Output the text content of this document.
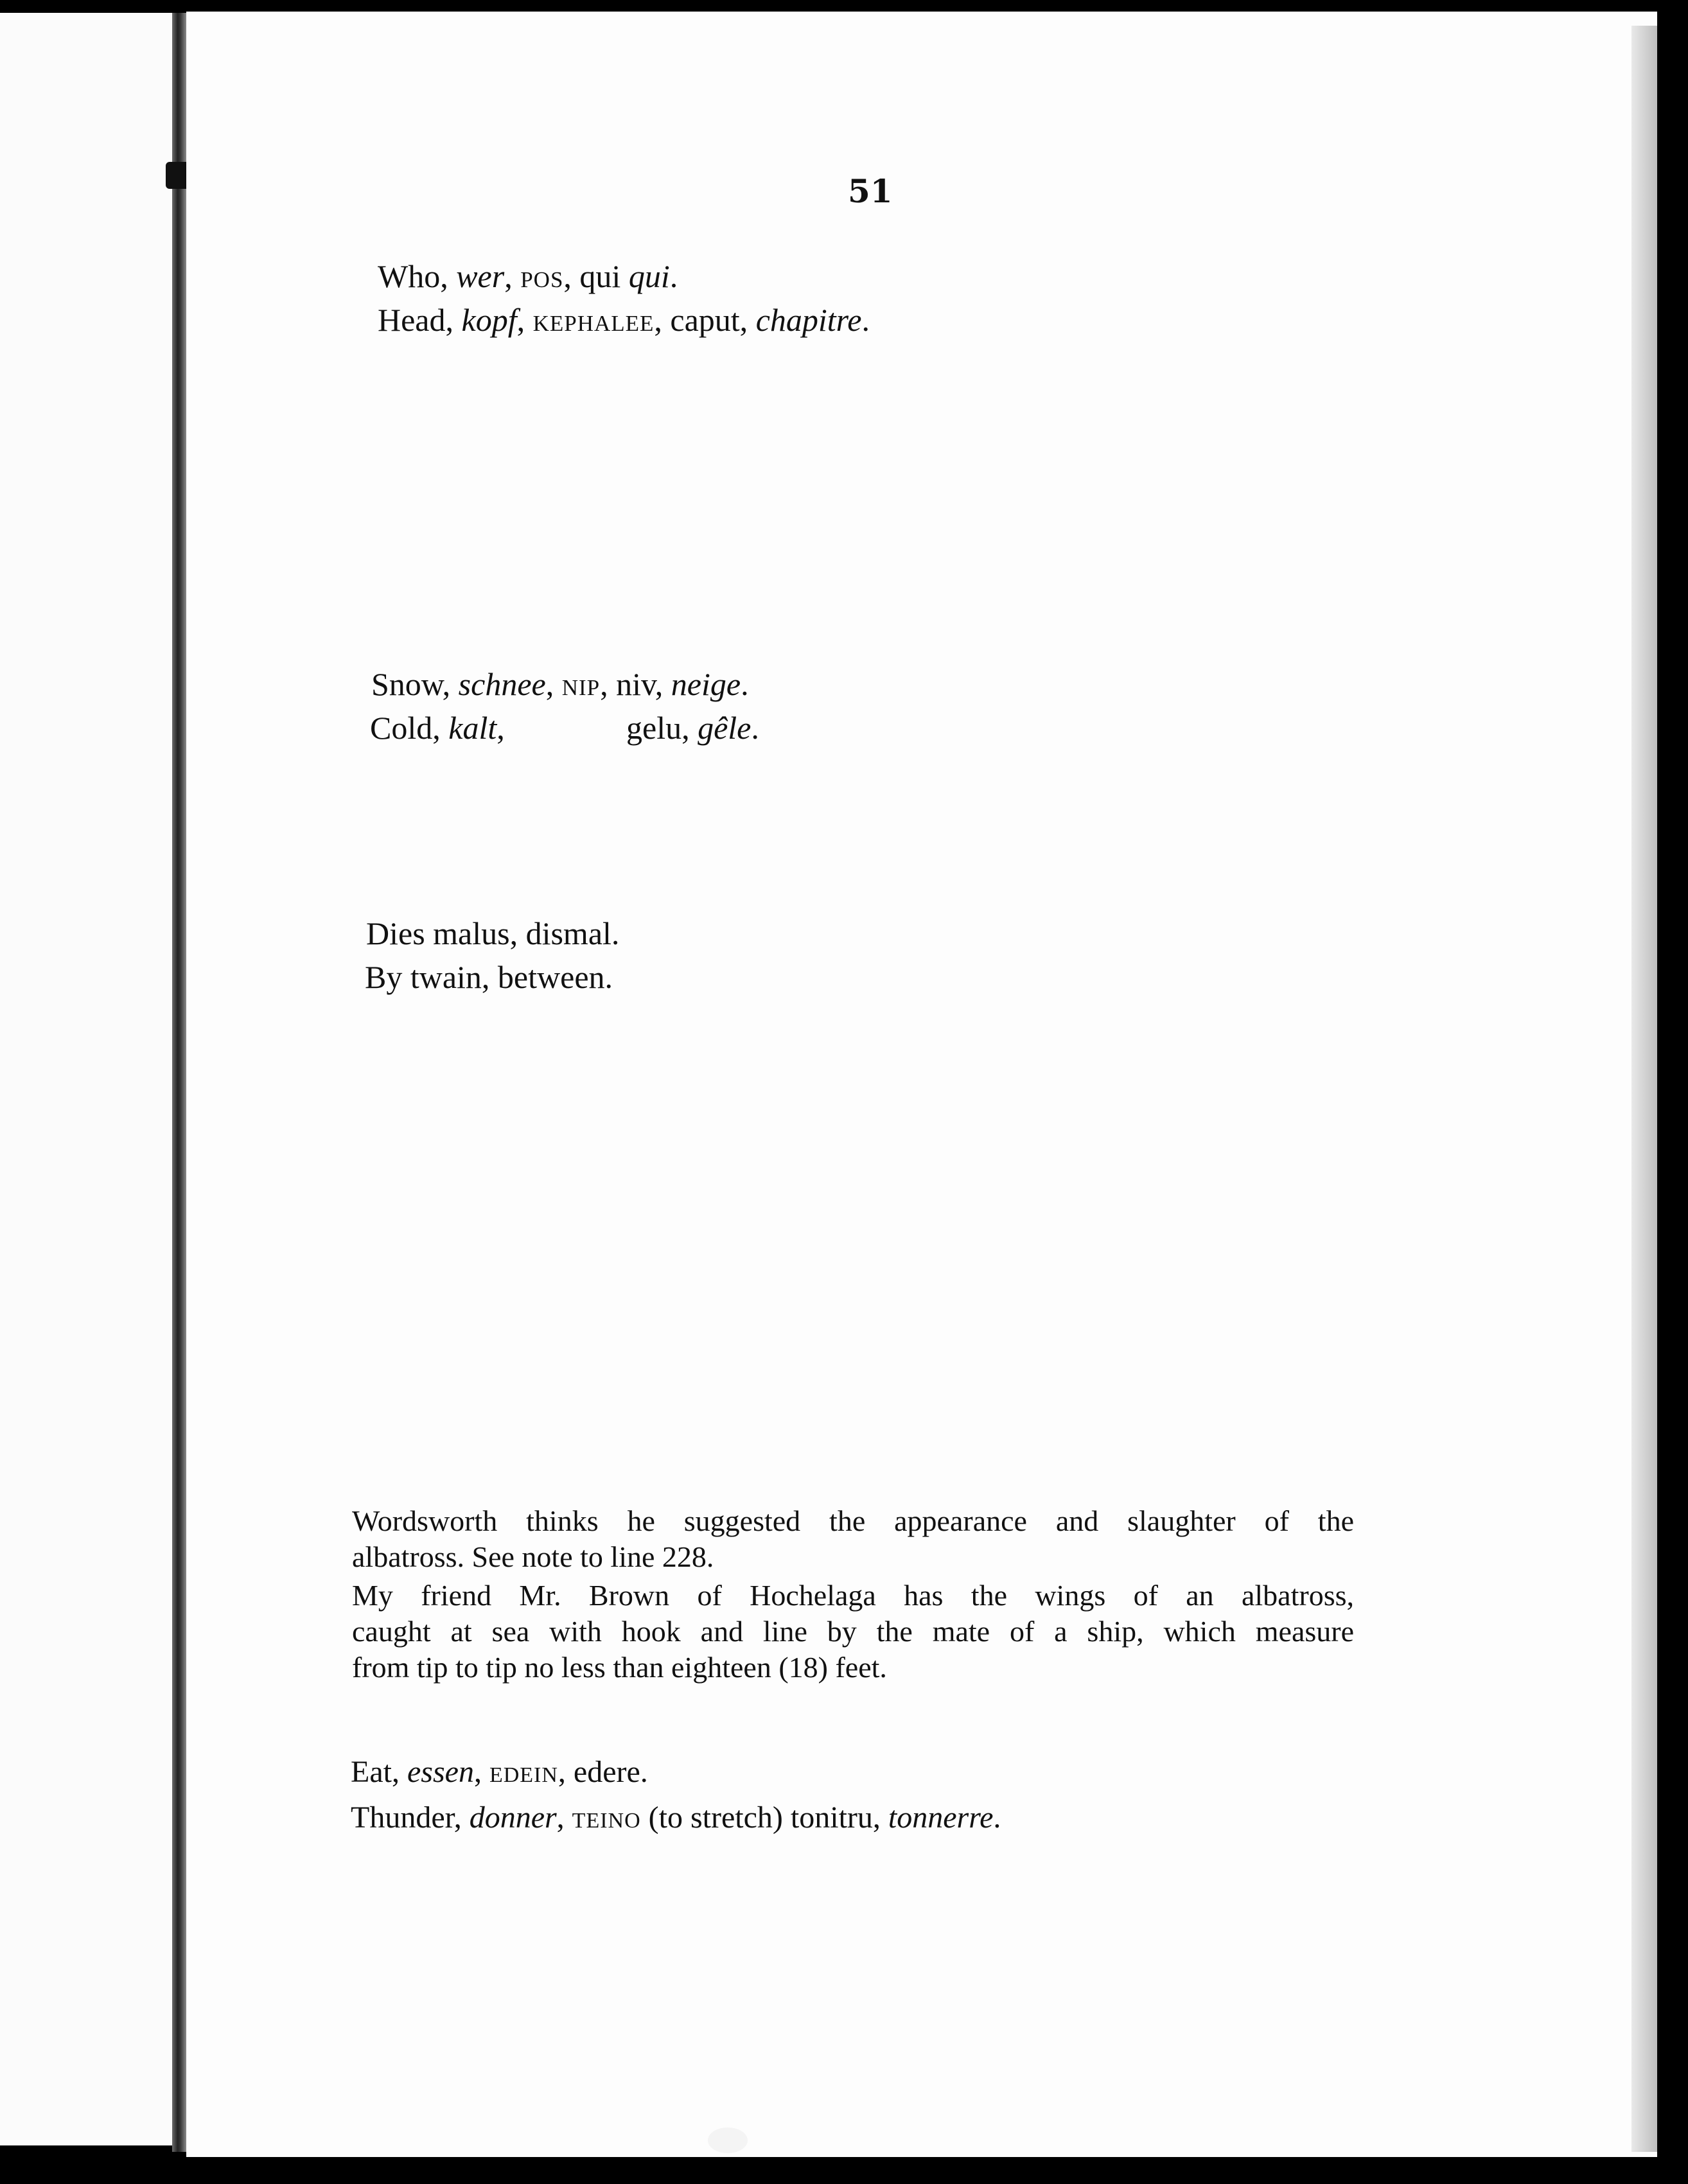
51
Who, wer, pos, qui qui.
Head, kopf, kephalee, caput, chapitre.
Snow, schnee, nip, niv, neige.
Cold, kalt,	gelu, gêle.
Dies malus, dismal.
By twain, between.
Wordsworth thinks he suggested the appearance and slaughter of the
albatross. See note to line 228.
My friend Mr. Brown of Hochelaga has the wings of an albatross,
caught at sea with hook and line by the mate of a ship, which measure
from tip to tip no less than eighteen (18) feet.
Eat, essen, edein, edere.
Thunder, donner, teino (to stretch) tonitru, tonnerre.
